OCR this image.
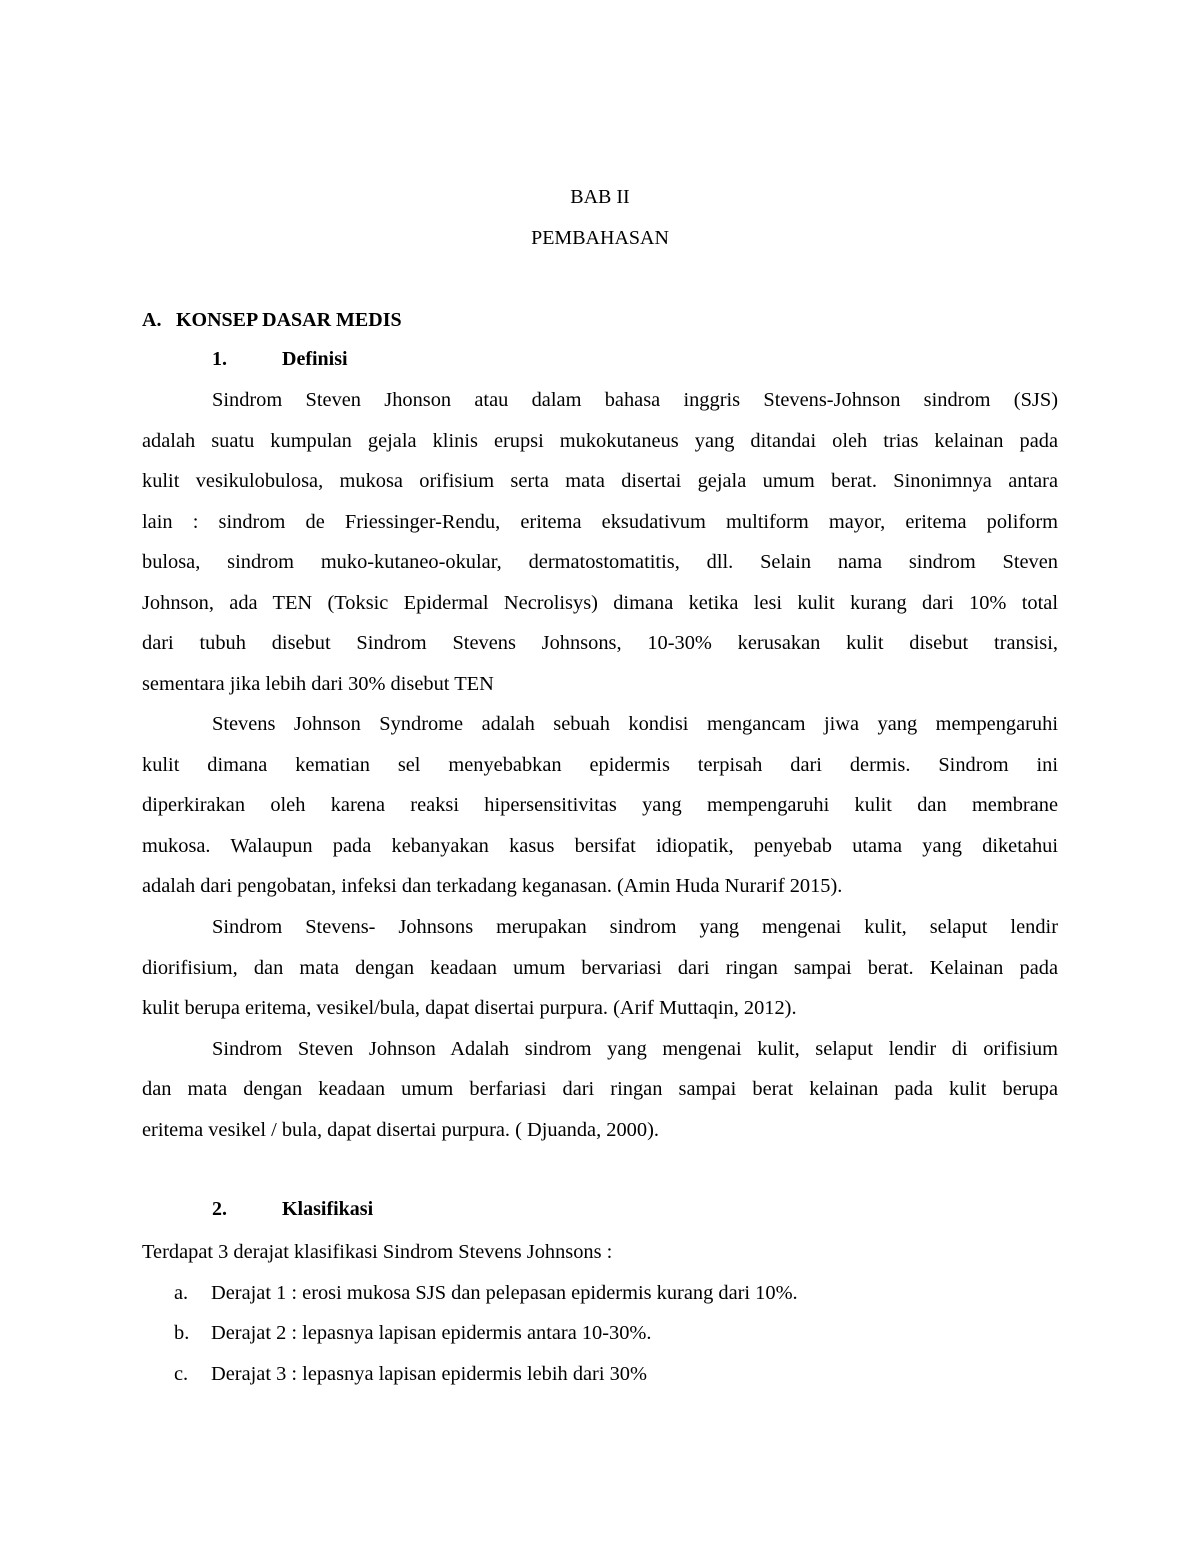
BAB II
PEMBAHASAN
A. KONSEP DASAR MEDIS
1.	Definisi
Sindrom Steven Jhonson atau dalam bahasa inggris Stevens-Johnson sindrom (SJS)
adalah suatu kumpulan gejala klinis erupsi mukokutaneus yang ditandai oleh trias kelainan pada
kulit vesikulobulosa, mukosa orifisium serta mata disertai gejala umum berat. Sinonimnya antara
lain : sindrom de Friessinger-Rendu, eritema eksudativum multiform mayor, eritema poliform
bulosa, sindrom muko-kutaneo-okular, dermatostomatitis, dll. Selain nama sindrom Steven
Johnson, ada TEN (Toksic Epidermal Necrolisys) dimana ketika lesi kulit kurang dari 10% total
dari tubuh disebut Sindrom Stevens Johnsons, 10-30% kerusakan kulit disebut transisi,
sementara jika lebih dari 30% disebut TEN
Stevens Johnson Syndrome adalah sebuah kondisi mengancam jiwa yang mempengaruhi
kulit dimana kematian sel menyebabkan epidermis terpisah dari dermis. Sindrom ini
diperkirakan oleh karena reaksi hipersensitivitas yang mempengaruhi kulit dan membrane
mukosa. Walaupun pada kebanyakan kasus bersifat idiopatik, penyebab utama yang diketahui
adalah dari pengobatan, infeksi dan terkadang keganasan. (Amin Huda Nurarif 2015).
Sindrom Stevens- Johnsons merupakan sindrom yang mengenai kulit, selaput lendir
diorifisium, dan mata dengan keadaan umum bervariasi dari ringan sampai berat. Kelainan pada
kulit berupa eritema, vesikel/bula, dapat disertai purpura. (Arif Muttaqin, 2012).
Sindrom Steven Johnson Adalah sindrom yang mengenai kulit, selaput lendir di orifisium
dan mata dengan keadaan umum berfariasi dari ringan sampai berat kelainan pada kulit berupa
eritema vesikel / bula, dapat disertai purpura. ( Djuanda, 2000).
2.	Klasifikasi
Terdapat 3 derajat klasifikasi Sindrom Stevens Johnsons :
a. Derajat 1 : erosi mukosa SJS dan pelepasan epidermis kurang dari 10%.
b. Derajat 2 : lepasnya lapisan epidermis antara 10-30%.
c. Derajat 3 : lepasnya lapisan epidermis lebih dari 30%
